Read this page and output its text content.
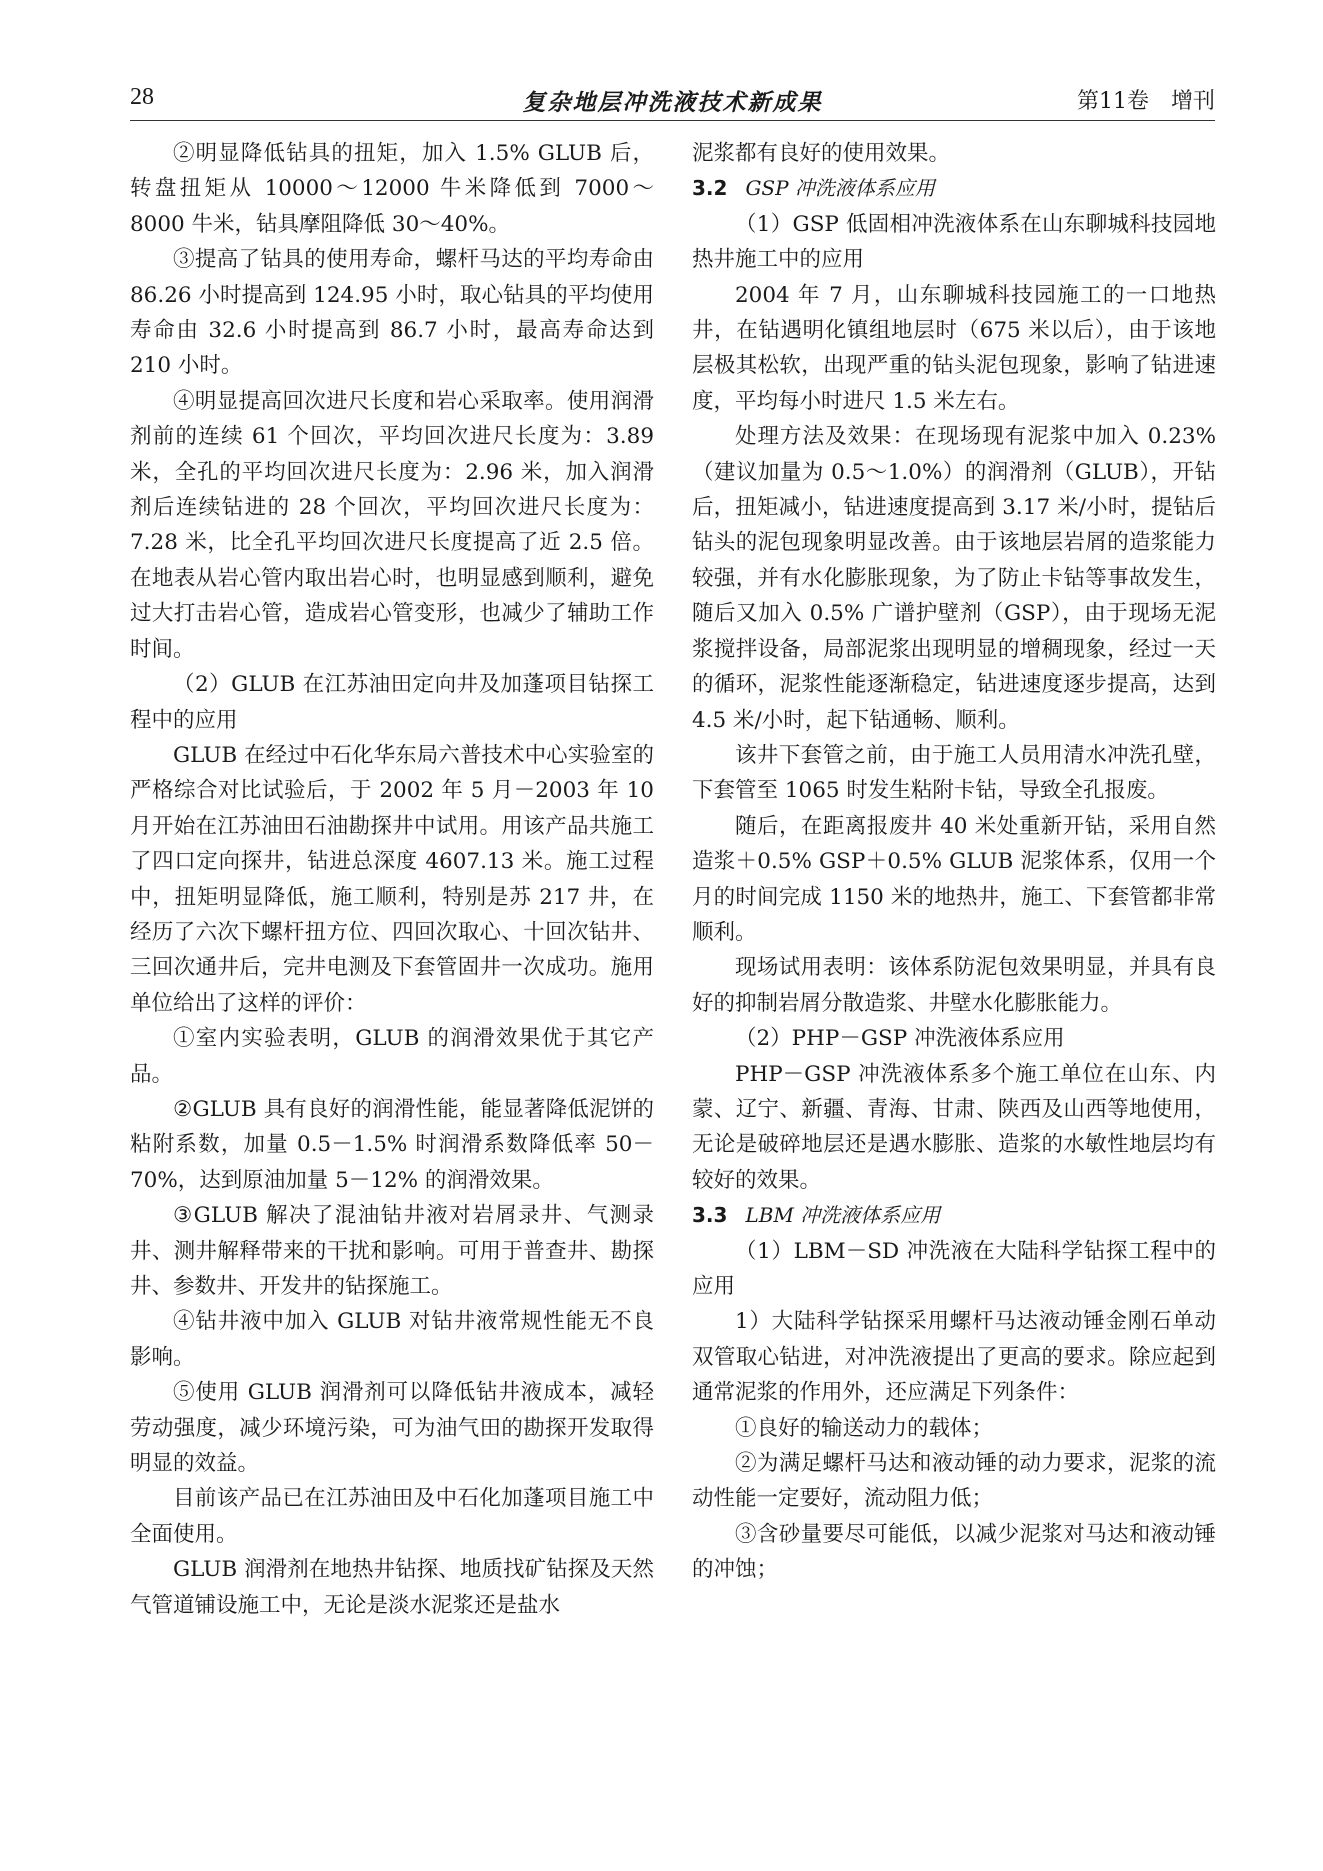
28	复杂地层冲洗液技术新成果	第11卷　增刊

②明显降低钻具的扭矩，加入 1.5% GLUB 后，转盘扭矩从 10000～12000 牛米降低到 7000～8000 牛米，钻具摩阻降低 30～40%。

③提高了钻具的使用寿命，螺杆马达的平均寿命由 86.26 小时提高到 124.95 小时，取心钻具的平均使用寿命由 32.6 小时提高到 86.7 小时，最高寿命达到 210 小时。

④明显提高回次进尺长度和岩心采取率。使用润滑剂前的连续 61 个回次，平均回次进尺长度为：3.89 米，全孔的平均回次进尺长度为：2.96 米，加入润滑剂后连续钻进的 28 个回次，平均回次进尺长度为：7.28 米，比全孔平均回次进尺长度提高了近 2.5 倍。在地表从岩心管内取出岩心时，也明显感到顺利，避免过大打击岩心管，造成岩心管变形，也减少了辅助工作时间。

（2）GLUB 在江苏油田定向井及加蓬项目钻探工程中的应用

GLUB 在经过中石化华东局六普技术中心实验室的严格综合对比试验后，于 2002 年 5 月－2003 年 10 月开始在江苏油田石油勘探井中试用。用该产品共施工了四口定向探井，钻进总深度 4607.13 米。施工过程中，扭矩明显降低，施工顺利，特别是苏 217 井，在经历了六次下螺杆扭方位、四回次取心、十回次钻井、三回次通井后，完井电测及下套管固井一次成功。施用单位给出了这样的评价：

①室内实验表明，GLUB 的润滑效果优于其它产品。

②GLUB 具有良好的润滑性能，能显著降低泥饼的粘附系数，加量 0.5－1.5% 时润滑系数降低率 50－70%，达到原油加量 5－12% 的润滑效果。

③GLUB 解决了混油钻井液对岩屑录井、气测录井、测井解释带来的干扰和影响。可用于普查井、勘探井、参数井、开发井的钻探施工。

④钻井液中加入 GLUB 对钻井液常规性能无不良影响。

⑤使用 GLUB 润滑剂可以降低钻井液成本，减轻劳动强度，减少环境污染，可为油气田的勘探开发取得明显的效益。

目前该产品已在江苏油田及中石化加蓬项目施工中全面使用。

GLUB 润滑剂在地热井钻探、地质找矿钻探及天然气管道铺设施工中，无论是淡水泥浆还是盐水

泥浆都有良好的使用效果。

3.2 GSP 冲洗液体系应用

（1）GSP 低固相冲洗液体系在山东聊城科技园地热井施工中的应用

2004 年 7 月，山东聊城科技园施工的一口地热井，在钻遇明化镇组地层时（675 米以后），由于该地层极其松软，出现严重的钻头泥包现象，影响了钻进速度，平均每小时进尺 1.5 米左右。

处理方法及效果：在现场现有泥浆中加入 0.23%（建议加量为 0.5～1.0%）的润滑剂（GLUB），开钻后，扭矩减小，钻进速度提高到 3.17 米/小时，提钻后钻头的泥包现象明显改善。由于该地层岩屑的造浆能力较强，并有水化膨胀现象，为了防止卡钻等事故发生，随后又加入 0.5% 广谱护壁剂（GSP），由于现场无泥浆搅拌设备，局部泥浆出现明显的增稠现象，经过一天的循环，泥浆性能逐渐稳定，钻进速度逐步提高，达到 4.5 米/小时，起下钻通畅、顺利。

该井下套管之前，由于施工人员用清水冲洗孔壁，下套管至 1065 时发生粘附卡钻，导致全孔报废。

随后，在距离报废井 40 米处重新开钻，采用自然造浆＋0.5% GSP＋0.5% GLUB 泥浆体系，仅用一个月的时间完成 1150 米的地热井，施工、下套管都非常顺利。

现场试用表明：该体系防泥包效果明显，并具有良好的抑制岩屑分散造浆、井壁水化膨胀能力。

（2）PHP－GSP 冲洗液体系应用

PHP－GSP 冲洗液体系多个施工单位在山东、内蒙、辽宁、新疆、青海、甘肃、陕西及山西等地使用，无论是破碎地层还是遇水膨胀、造浆的水敏性地层均有较好的效果。

3.3 LBM 冲洗液体系应用

（1）LBM－SD 冲洗液在大陆科学钻探工程中的应用

1）大陆科学钻探采用螺杆马达液动锤金刚石单动双管取心钻进，对冲洗液提出了更高的要求。除应起到通常泥浆的作用外，还应满足下列条件：

①良好的输送动力的载体；

②为满足螺杆马达和液动锤的动力要求，泥浆的流动性能一定要好，流动阻力低；

③含砂量要尽可能低，以减少泥浆对马达和液动锤的冲蚀；
